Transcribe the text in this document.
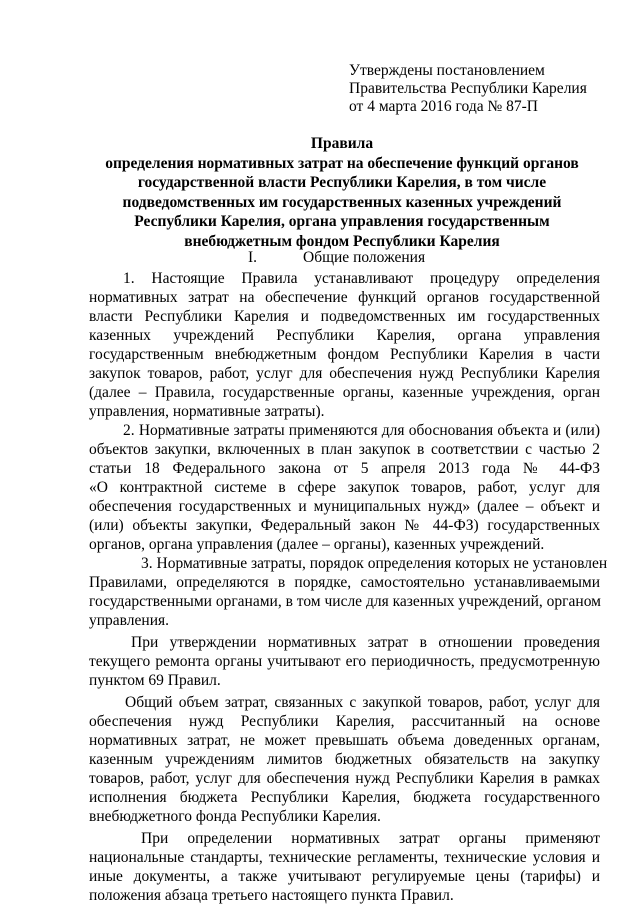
Утверждены постановлением
Правительства Республики Карелия
от 4 марта 2016 года № 87-П
Правила
определения нормативных затрат на обеспечение функций органов
государственной власти Республики Карелия, в том числе
подведомственных им государственных казенных учреждений
Республики Карелия, органа управления государственным
внебюджетным фондом Республики Карелия
I.	Общие положения

1. Настоящие Правила устанавливают процедуру определения
нормативных затрат на обеспечение функций органов государственной
власти Республики Карелия и подведомственных им государственных
казенных учреждений Республики Карелия, органа управления
государственным внебюджетным фондом Республики Карелия в части
закупок товаров, работ, услуг для обеспечения нужд Республики Карелия
(далее – Правила, государственные органы, казенные учреждения, орган
управления, нормативные затраты).

2. Нормативные затраты применяются для обоснования объекта и (или)
объектов закупки, включенных в план закупок в соответствии с частью 2
статьи 18 Федерального закона от 5 апреля 2013 года № 44-ФЗ
«О контрактной системе в сфере закупок товаров, работ, услуг для
обеспечения государственных и муниципальных нужд» (далее – объект и
(или) объекты закупки, Федеральный закон № 44-ФЗ) государственных
органов, органа управления (далее – органы), казенных учреждений.

3. Нормативные затраты, порядок определения которых не установлен
Правилами, определяются в порядке, самостоятельно устанавливаемыми
государственными органами, в том числе для казенных учреждений, органом
управления.

При утверждении нормативных затрат в отношении проведения
текущего ремонта органы учитывают его периодичность, предусмотренную
пунктом 69 Правил.

Общий объем затрат, связанных с закупкой товаров, работ, услуг для
обеспечения нужд Республики Карелия, рассчитанный на основе
нормативных затрат, не может превышать объема доведенных органам,
казенным учреждениям лимитов бюджетных обязательств на закупку
товаров, работ, услуг для обеспечения нужд Республики Карелия в рамках
исполнения бюджета Республики Карелия, бюджета государственного
внебюджетного фонда Республики Карелия.

При определении нормативных затрат органы применяют
национальные стандарты, технические регламенты, технические условия и
иные документы, а также учитывают регулируемые цены (тарифы) и
положения абзаца третьего настоящего пункта Правил.
